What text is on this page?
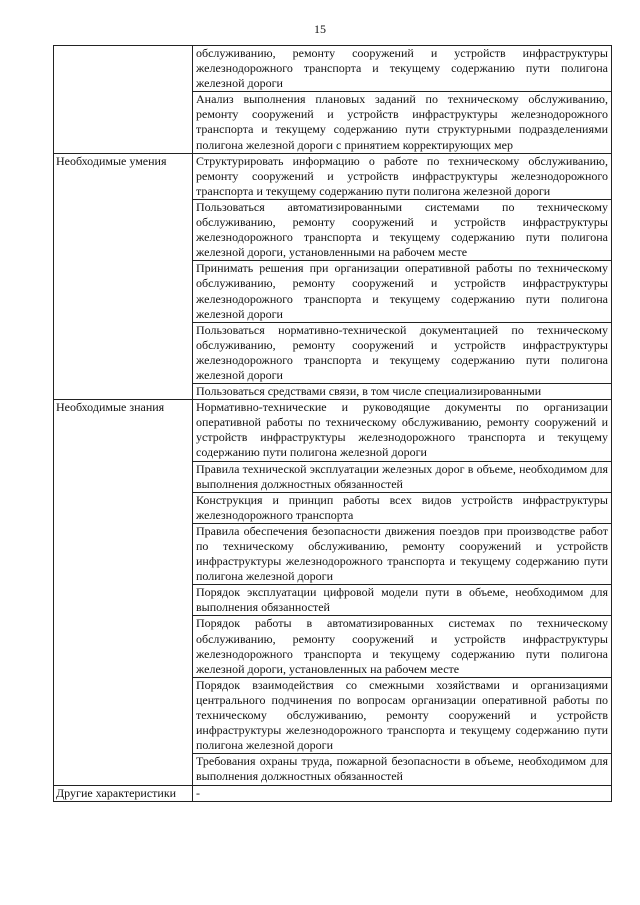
15
	обслуживанию, ремонту сооружений и устройств инфраструктуры железнодорожного транспорта и текущему содержанию пути полигона железной дороги
	Анализ выполнения плановых заданий по техническому обслуживанию, ремонту сооружений и устройств инфраструктуры железнодорожного транспорта и текущему содержанию пути структурными подразделениями полигона железной дороги с принятием корректирующих мер
Необходимые умения	Структурировать информацию о работе по техническому обслуживанию, ремонту сооружений и устройств инфраструктуры железнодорожного транспорта и текущему содержанию пути полигона железной дороги
	Пользоваться автоматизированными системами по техническому обслуживанию, ремонту сооружений и устройств инфраструктуры железнодорожного транспорта и текущему содержанию пути полигона железной дороги, установленными на рабочем месте
	Принимать решения при организации оперативной работы по техническому обслуживанию, ремонту сооружений и устройств инфраструктуры железнодорожного транспорта и текущему содержанию пути полигона железной дороги
	Пользоваться нормативно-технической документацией по техническому обслуживанию, ремонту сооружений и устройств инфраструктуры железнодорожного транспорта и текущему содержанию пути полигона железной дороги
	Пользоваться средствами связи, в том числе специализированными
Необходимые знания	Нормативно-технические и руководящие документы по организации оперативной работы по техническому обслуживанию, ремонту сооружений и устройств инфраструктуры железнодорожного транспорта и текущему содержанию пути полигона железной дороги
	Правила технической эксплуатации железных дорог в объеме, необходимом для выполнения должностных обязанностей
	Конструкция и принцип работы всех видов устройств инфраструктуры железнодорожного транспорта
	Правила обеспечения безопасности движения поездов при производстве работ по техническому обслуживанию, ремонту сооружений и устройств инфраструктуры железнодорожного транспорта и текущему содержанию пути полигона железной дороги
	Порядок эксплуатации цифровой модели пути в объеме, необходимом для выполнения обязанностей
	Порядок работы в автоматизированных системах по техническому обслуживанию, ремонту сооружений и устройств инфраструктуры железнодорожного транспорта и текущему содержанию пути полигона железной дороги, установленных на рабочем месте
	Порядок взаимодействия со смежными хозяйствами и организациями центрального подчинения по вопросам организации оперативной работы по техническому обслуживанию, ремонту сооружений и устройств инфраструктуры железнодорожного транспорта и текущему содержанию пути полигона железной дороги
	Требования охраны труда, пожарной безопасности в объеме, необходимом для выполнения должностных обязанностей
Другие характеристики	-
